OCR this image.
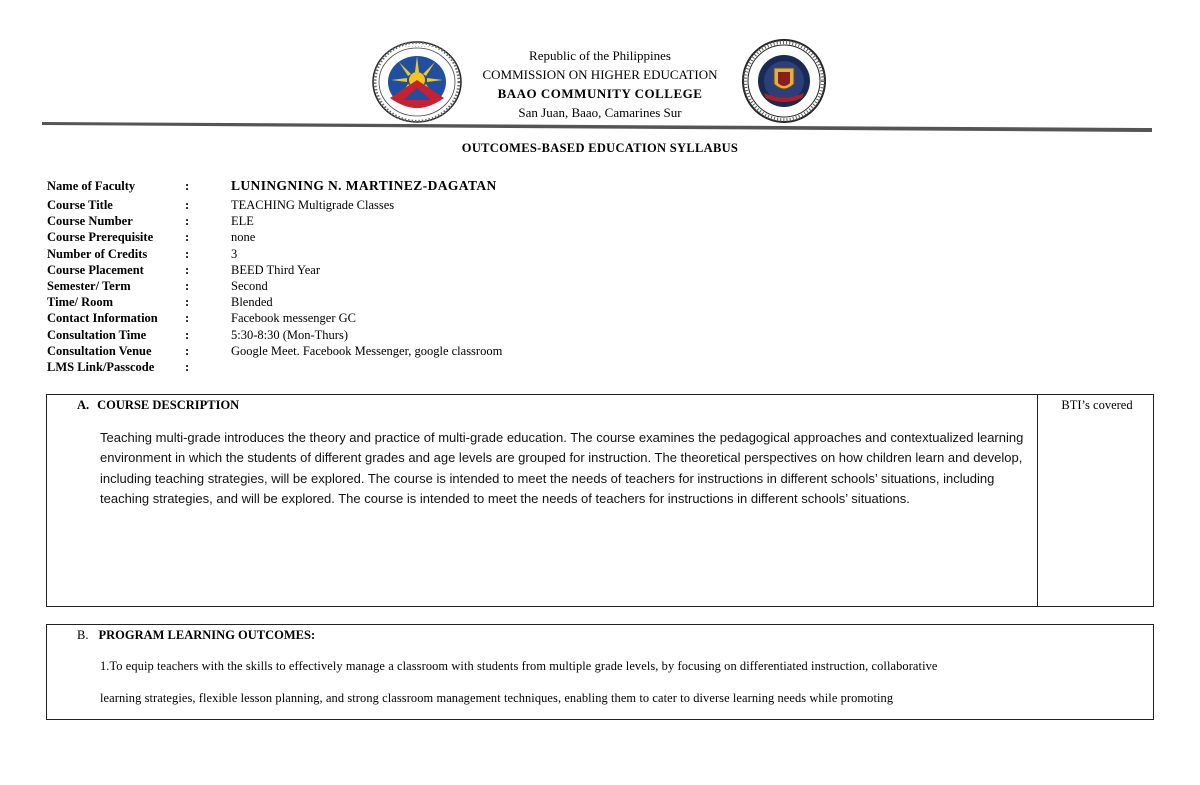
· · · · · · · · · ·
Republic of the Philippines
COMMISSION ON HIGHER EDUCATION
BAAO COMMUNITY COLLEGE
San Juan, Baao, Camarines Sur
OUTCOMES-BASED EDUCATION SYLLABUS
Name of Faculty	:	LUNINGNING N. MARTINEZ-DAGATAN
Course Title	:	TEACHING Multigrade Classes
Course Number	:	ELE
Course Prerequisite	:	none
Number of Credits	:	3
Course Placement	:	BEED Third Year
Semester/ Term	:	Second
Time/ Room	:	Blended
Contact Information	:	Facebook messenger GC
Consultation Time	:	5:30-8:30 (Mon-Thurs)
Consultation Venue	:	Google Meet. Facebook Messenger, google classroom
LMS Link/Passcode	:
A. COURSE DESCRIPTION
Teaching multi-grade introduces the theory and practice of multi-grade education. The course examines the pedagogical approaches and contextualized learning environment in which the students of different grades and age levels are grouped for instruction. The theoretical perspectives on how children learn and develop, including teaching strategies, will be explored. The course is intended to meet the needs of teachers for instructions in different schools’ situations, including teaching strategies, and will be explored. The course is intended to meet the needs of teachers for instructions in different schools’ situations.
BTI’s covered
B. PROGRAM LEARNING OUTCOMES:
1.To equip teachers with the skills to effectively manage a classroom with students from multiple grade levels, by focusing on differentiated instruction, collaborative
learning strategies, flexible lesson planning, and strong classroom management techniques, enabling them to cater to diverse learning needs while promoting
